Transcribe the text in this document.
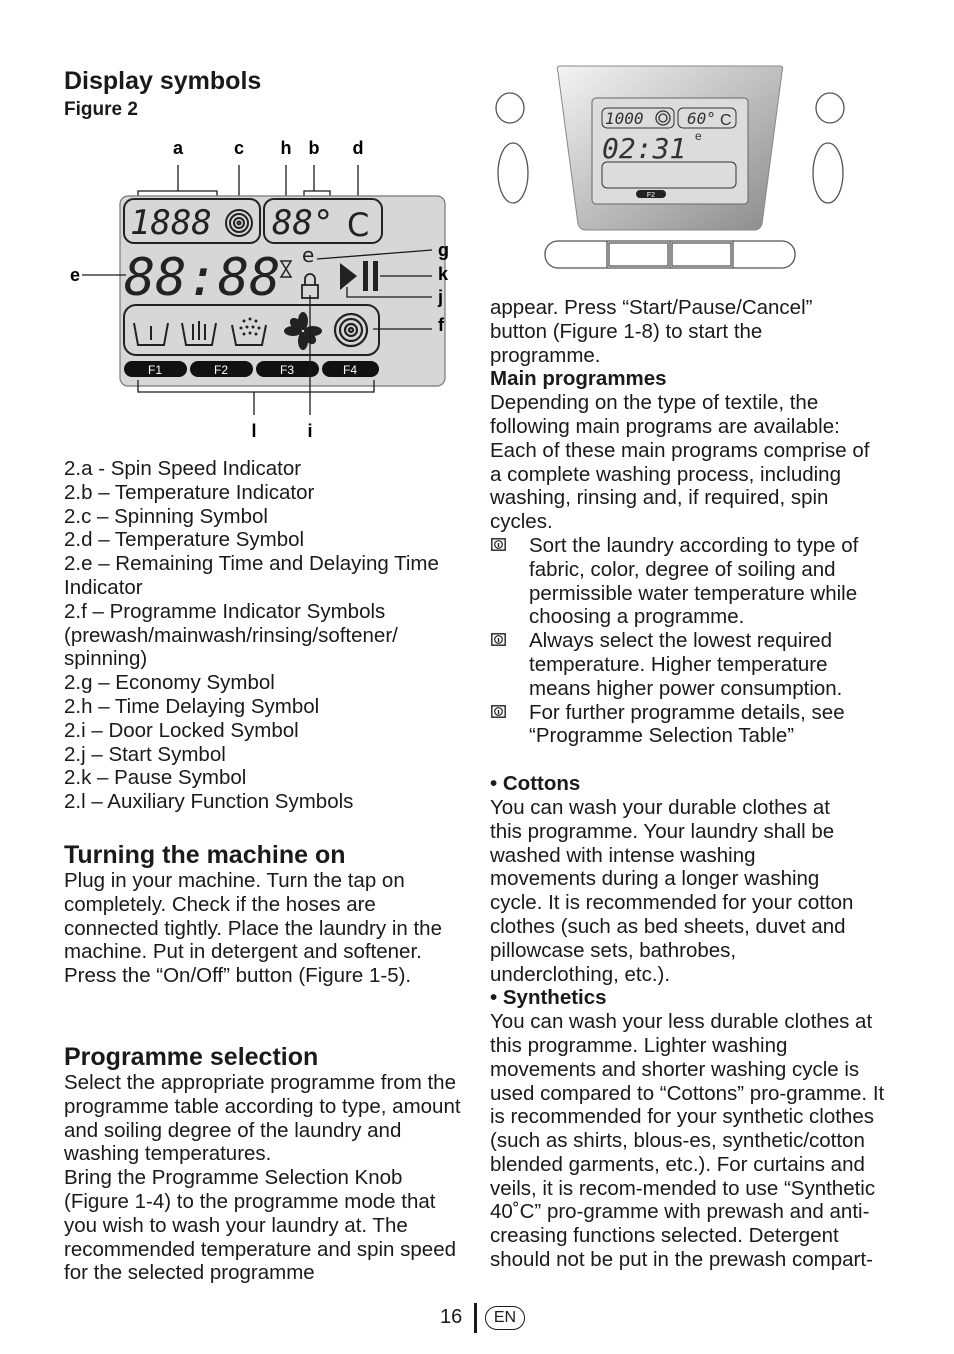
Display symbols
Figure 2
a	c h b d
1888 88° C
88:88 e
F1	F2	F3	F4
e
g
k
j
f
l	i

2.a - Spin Speed Indicator

2.b – Temperature Indicator

2.c – Spinning Symbol

2.d – Temperature Symbol

2.e – Remaining Time and Delaying Time Indicator

2.f – Programme Indicator Symbols (prewash/mainwash/rinsing/softener/ spinning)

2.g – Economy Symbol

2.h – Time Delaying Symbol

2.i – Door Locked Symbol

2.j – Start Symbol

2.k – Pause Symbol

2.l – Auxiliary Function Symbols

Turning the machine on
Plug in your machine. Turn the tap on completely. Check if the hoses are connected tightly. Place the laundry in the machine. Put in detergent and softener. Press the “On/Off” button (Figure 1-5).
Programme selection

Select the appropriate programme from the programme table according to type, amount and soiling degree of the laundry and washing temperatures.

Bring the Programme Selection Knob (Figure 1-4) to the programme mode that you wish to wash your laundry at. The recommended temperature and spin speed for the selected programme

1000	60° C
02:31 e
F2

appear. Press “Start/Pause/Cancel” button (Figure 1-8) to start the programme.

Main programmes

Depending on the type of textile, the following main programs are available: Each of these main programs comprise of a complete washing process, including washing, rinsing and, if required, spin cycles.

Sort the laundry according to type of fabric, color, degree of soiling and permissible water temperature while choosing a programme.

Always select the lowest required temperature. Higher temperature means higher power consumption.

For further programme details, see “Programme Selection Table”

• Cottons

You can wash your durable clothes at this programme. Your laundry shall be washed with intense washing movements during a longer washing cycle. It is recommended for your cotton clothes (such as bed sheets, duvet and pillowcase sets, bathrobes, underclothing, etc.).

• Synthetics

You can wash your less durable clothes at this programme. Lighter washing movements and shorter washing cycle is used compared to “Cottons” pro-gramme. It is recommended for your synthetic clothes (such as shirts, blous-es, synthetic/cotton blended garments, etc.). For curtains and veils, it is recom-mended to use “Synthetic 40˚C” pro-gramme with prewash and anti-creasing functions selected. Detergent should not be put in the prewash compart-

16	EN
